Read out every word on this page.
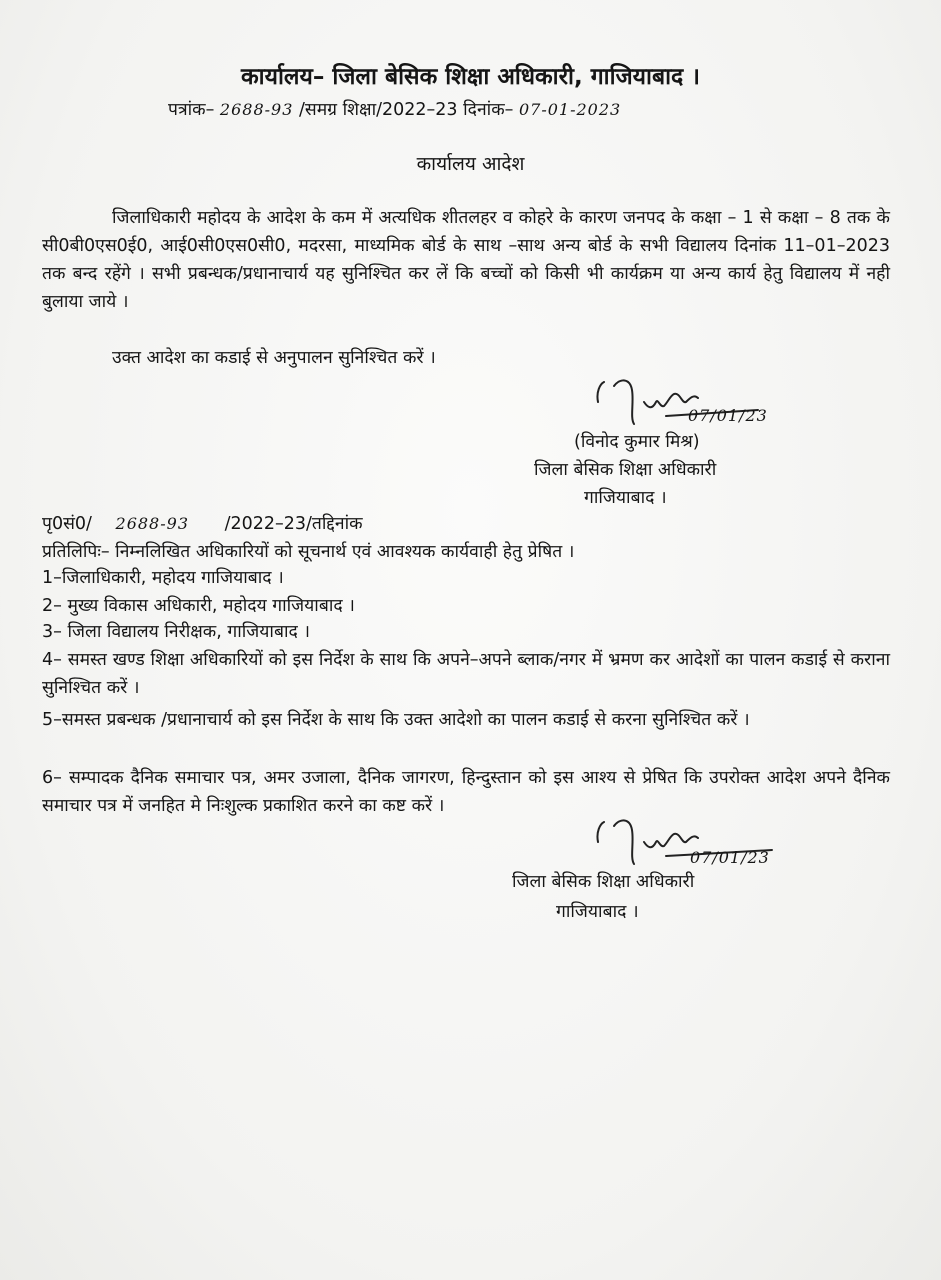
कार्यालय– जिला बेसिक शिक्षा अधिकारी, गाजियाबाद ।
पत्रांक– 2688-93 /समग्र शिक्षा/2022–23 दिनांक– 07-01-2023
कार्यालय आदेश
जिलाधिकारी महोदय के आदेश के कम में अत्यधिक शीतलहर व कोहरे के कारण जनपद के कक्षा – 1 से कक्षा – 8 तक के सी0बी0एस0ई0, आई0सी0एस0सी0, मदरसा, माध्यमिक बोर्ड के साथ –साथ अन्य बोर्ड के सभी विद्यालय दिनांक 11–01–2023 तक बन्द रहेंगे । सभी प्रबन्धक/प्रधानाचार्य यह सुनिश्चित कर लें कि बच्चों को किसी भी कार्यक्रम या अन्य कार्य हेतु विद्यालय में नही बुलाया जाये ।
उक्त आदेश का कडाई से अनुपालन सुनिश्चित करें ।
07/01/23
(विनोद कुमार मिश्र)
जिला बेसिक शिक्षा अधिकारी
गाजियाबाद ।
पृ0सं0/ 2688-93 /2022–23/तद्दिनांक
प्रतिलिपिः– निम्नलिखित अधिकारियों को सूचनार्थ एवं आवश्यक कार्यवाही हेतु प्रेषित ।
1–जिलाधिकारी, महोदय गाजियाबाद ।
2– मुख्य विकास अधिकारी, महोदय गाजियाबाद ।
3– जिला विद्यालय निरीक्षक, गाजियाबाद ।
4– समस्त खण्ड शिक्षा अधिकारियों को इस निर्देश के साथ कि अपने–अपने ब्लाक/नगर में भ्रमण कर आदेशों का पालन कडाई से कराना सुनिश्चित करें ।
5–समस्त प्रबन्धक /प्रधानाचार्य को इस निर्देश के साथ कि उक्त आदेशो का पालन कडाई से करना सुनिश्चित करें ।
6– सम्पादक दैनिक समाचार पत्र, अमर उजाला, दैनिक जागरण, हिन्दुस्तान को इस आश्य से प्रेषित कि उपरोक्त आदेश अपने दैनिक समाचार पत्र में जनहित मे निःशुल्क प्रकाशित करने का कष्ट करें ।
07/01/23
जिला बेसिक शिक्षा अधिकारी
गाजियाबाद ।
